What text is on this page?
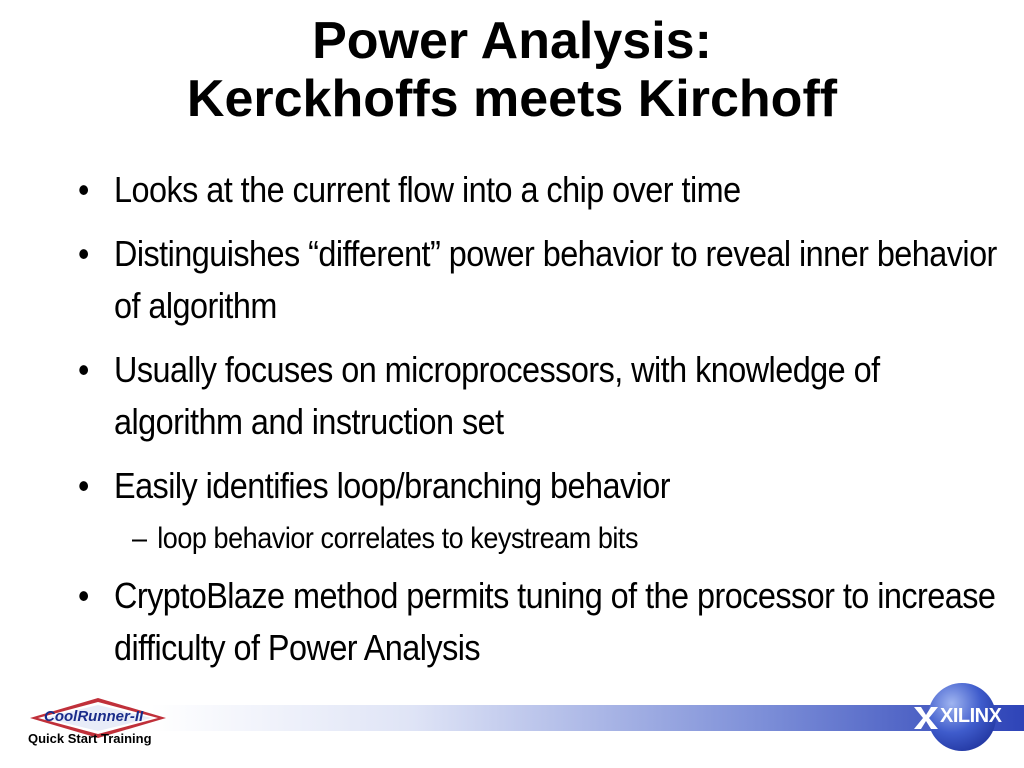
Power Analysis:
Kerckhoffs meets Kirchoff
• Looks at the current flow into a chip over time
• Distinguishes “different” power behavior to reveal inner behavior of algorithm
• Usually focuses on microprocessors, with knowledge of algorithm and instruction set
• Easily identifies loop/branching behavior
– loop behavior correlates to keystream bits
• CryptoBlaze method permits tuning of the processor to increase difficulty of Power Analysis
CoolRunner-II
Quick Start Training
XILINX
